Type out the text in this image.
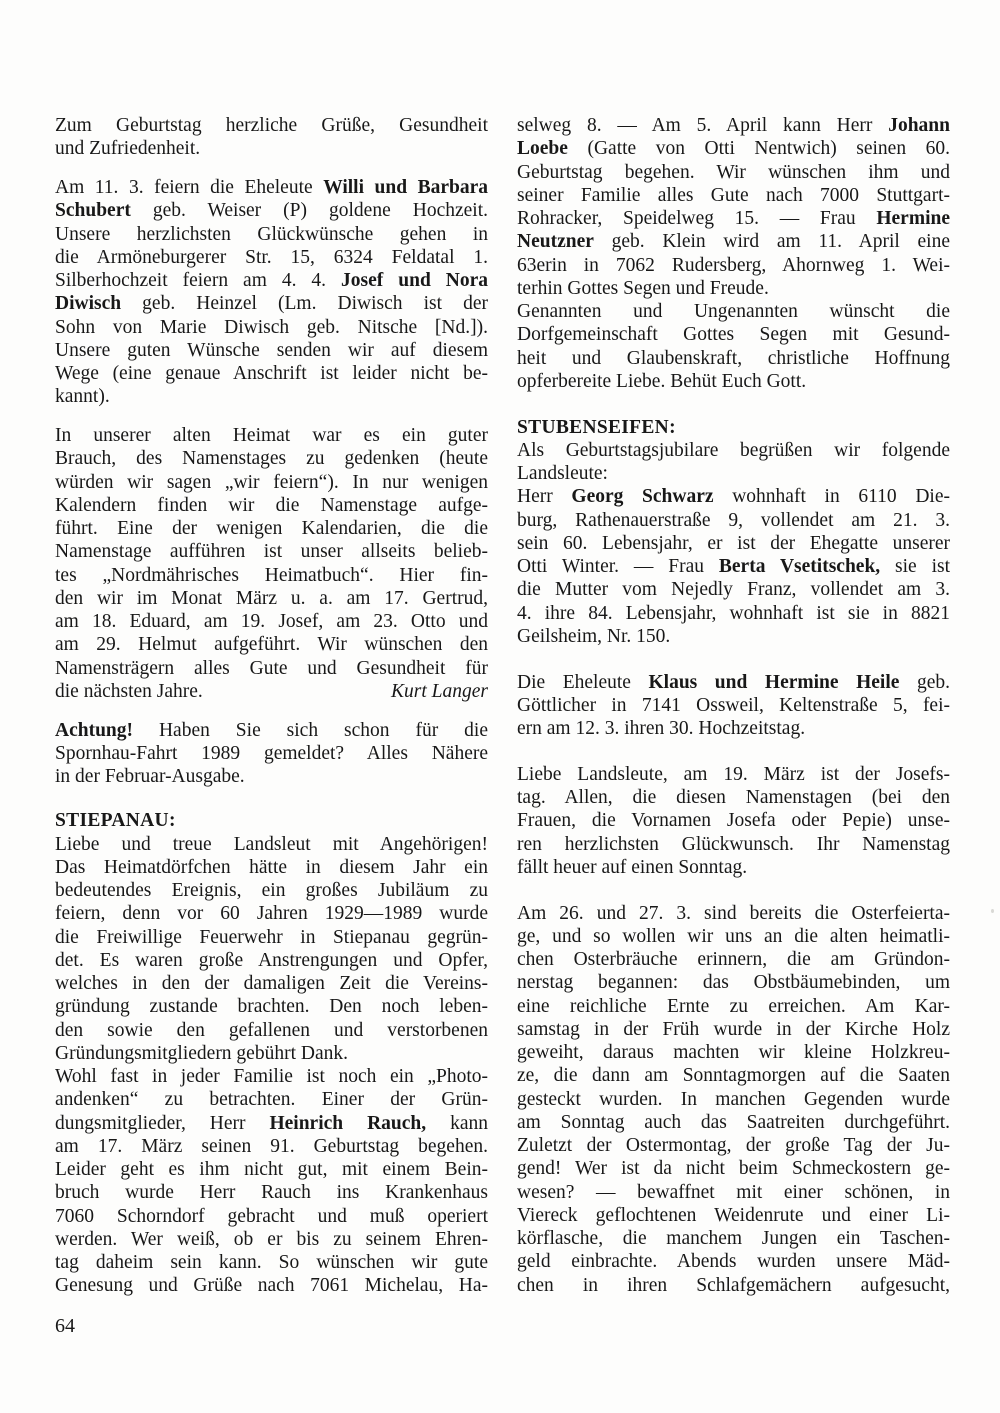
Zum Geburtstag herzliche Grüße, Gesundheit
und Zufriedenheit.
Am 11. 3. feiern die Eheleute Willi und Barbara
Schubert geb. Weiser (P) goldene Hochzeit.
Unsere herzlichsten Glückwünsche gehen in
die Armöneburgerer Str. 15, 6324 Feldatal 1.
Silberhochzeit feiern am 4. 4. Josef und Nora
Diwisch geb. Heinzel (Lm. Diwisch ist der
Sohn von Marie Diwisch geb. Nitsche [Nd.]).
Unsere guten Wünsche senden wir auf diesem
Wege (eine genaue Anschrift ist leider nicht be-
kannt).
In unserer alten Heimat war es ein guter
Brauch, des Namenstages zu gedenken (heute
würden wir sagen „wir feiern“). In nur wenigen
Kalendern finden wir die Namenstage aufge-
führt. Eine der wenigen Kalendarien, die die
Namenstage aufführen ist unser allseits belieb-
tes „Nordmährisches Heimatbuch“. Hier fin-
den wir im Monat März u. a. am 17. Gertrud,
am 18. Eduard, am 19. Josef, am 23. Otto und
am 29. Helmut aufgeführt. Wir wünschen den
Namensträgern alles Gute und Gesundheit für
die nächsten Jahre.	Kurt Langer
Achtung! Haben Sie sich schon für die
Spornhau-Fahrt 1989 gemeldet? Alles Nähere
in der Februar-Ausgabe.
STIEPANAU:
Liebe und treue Landsleut mit Angehörigen!
Das Heimatdörfchen hätte in diesem Jahr ein
bedeutendes Ereignis, ein großes Jubiläum zu
feiern, denn vor 60 Jahren 1929—1989 wurde
die Freiwillige Feuerwehr in Stiepanau gegrün-
det. Es waren große Anstrengungen und Opfer,
welches in den der damaligen Zeit die Vereins-
gründung zustande brachten. Den noch leben-
den sowie den gefallenen und verstorbenen
Gründungsmitgliedern gebührt Dank.
Wohl fast in jeder Familie ist noch ein „Photo-
andenken“ zu betrachten. Einer der Grün-
dungsmitglieder, Herr Heinrich Rauch, kann
am 17. März seinen 91. Geburtstag begehen.
Leider geht es ihm nicht gut, mit einem Bein-
bruch wurde Herr Rauch ins Krankenhaus
7060 Schorndorf gebracht und muß operiert
werden. Wer weiß, ob er bis zu seinem Ehren-
tag daheim sein kann. So wünschen wir gute
Genesung und Grüße nach 7061 Michelau, Ha-
selweg 8. — Am 5. April kann Herr Johann
Loebe (Gatte von Otti Nentwich) seinen 60.
Geburtstag begehen. Wir wünschen ihm und
seiner Familie alles Gute nach 7000 Stuttgart-
Rohracker, Speidelweg 15. — Frau Hermine
Neutzner geb. Klein wird am 11. April eine
63erin in 7062 Rudersberg, Ahornweg 1. Wei-
terhin Gottes Segen und Freude.
Genannten und Ungenannten wünscht die
Dorfgemeinschaft Gottes Segen mit Gesund-
heit und Glaubenskraft, christliche Hoffnung
opferbereite Liebe. Behüt Euch Gott.
STUBENSEIFEN:
Als Geburtstagsjubilare begrüßen wir folgende
Landsleute:
Herr Georg Schwarz wohnhaft in 6110 Die-
burg, Rathenauerstraße 9, vollendet am 21. 3.
sein 60. Lebensjahr, er ist der Ehegatte unserer
Otti Winter. — Frau Berta Vsetitschek, sie ist
die Mutter vom Nejedly Franz, vollendet am 3.
4. ihre 84. Lebensjahr, wohnhaft ist sie in 8821
Geilsheim, Nr. 150.
Die Eheleute Klaus und Hermine Heile geb.
Göttlicher in 7141 Ossweil, Keltenstraße 5, fei-
ern am 12. 3. ihren 30. Hochzeitstag.
Liebe Landsleute, am 19. März ist der Josefs-
tag. Allen, die diesen Namenstagen (bei den
Frauen, die Vornamen Josefa oder Pepie) unse-
ren herzlichsten Glückwunsch. Ihr Namenstag
fällt heuer auf einen Sonntag.
Am 26. und 27. 3. sind bereits die Osterfeierta-
ge, und so wollen wir uns an die alten heimatli-
chen Osterbräuche erinnern, die am Gründon-
nerstag begannen: das Obstbäumebinden, um
eine reichliche Ernte zu erreichen. Am Kar-
samstag in der Früh wurde in der Kirche Holz
geweiht, daraus machten wir kleine Holzkreu-
ze, die dann am Sonntagmorgen auf die Saaten
gesteckt wurden. In manchen Gegenden wurde
am Sonntag auch das Saatreiten durchgeführt.
Zuletzt der Ostermontag, der große Tag der Ju-
gend! Wer ist da nicht beim Schmeckostern ge-
wesen? — bewaffnet mit einer schönen, in
Viereck geflochtenen Weidenrute und einer Li-
körflasche, die manchem Jungen ein Taschen-
geld einbrachte. Abends wurden unsere Mäd-
chen in ihren Schlafgemächern aufgesucht,
64
